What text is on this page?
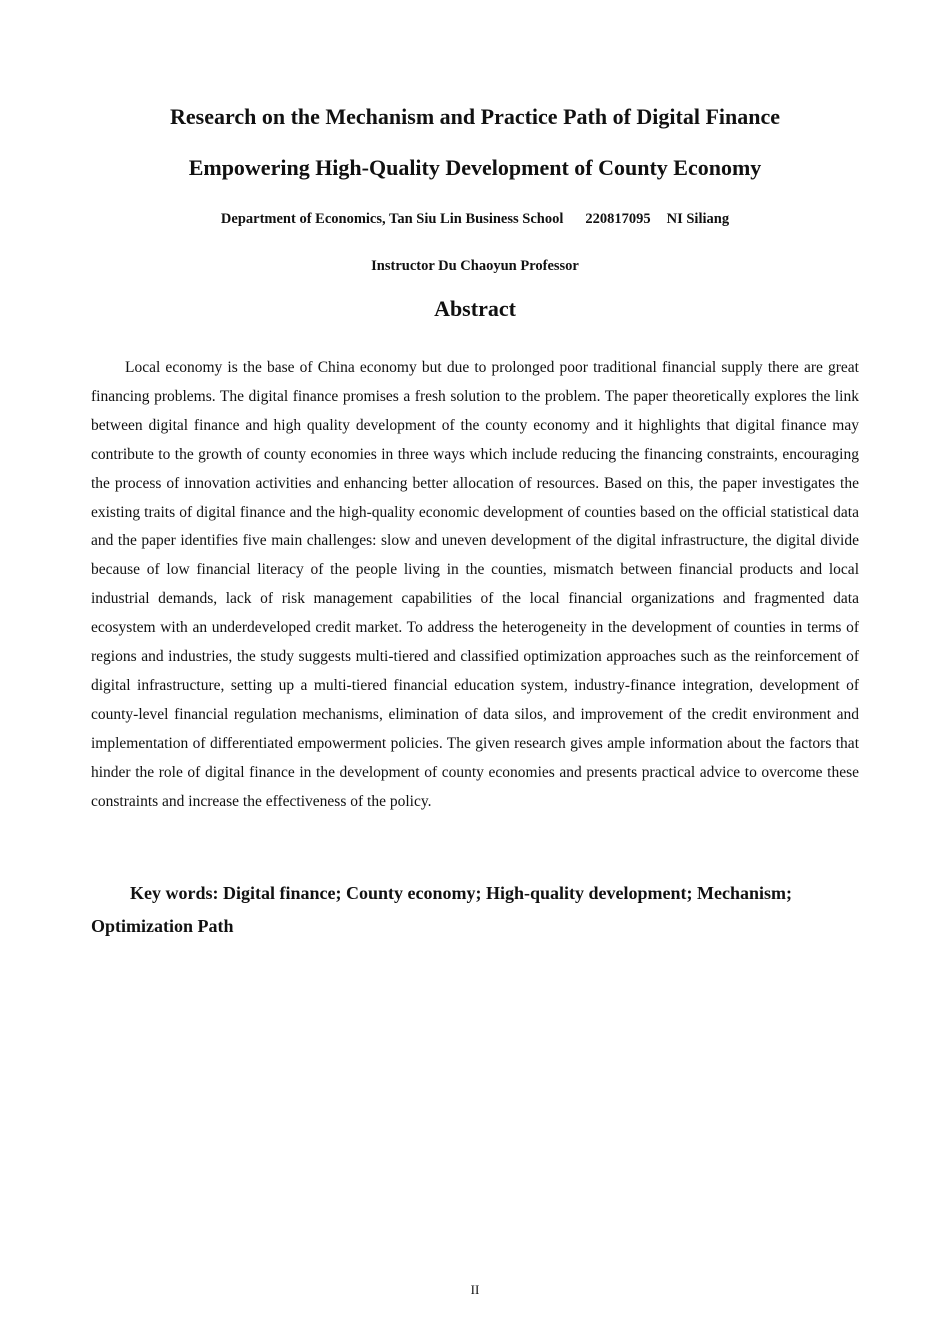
Research on the Mechanism and Practice Path of Digital Finance
Empowering High-Quality Development of County Economy

Department of Economics, Tan Siu Lin Business School 220817095 NI Siliang

Instructor Du Chaoyun Professor

Abstract

Local economy is the base of China economy but due to prolonged poor traditional financial supply there are great financing problems. The digital finance promises a fresh solution to the problem. The paper theoretically explores the link between digital finance and high quality development of the county economy and it highlights that digital finance may contribute to the growth of county economies in three ways which include reducing the financing constraints, encouraging the process of innovation activities and enhancing better allocation of resources. Based on this, the paper investigates the existing traits of digital finance and the high-quality economic development of counties based on the official statistical data and the paper identifies five main challenges: slow and uneven development of the digital infrastructure, the digital divide because of low financial literacy of the people living in the counties, mismatch between financial products and local industrial demands, lack of risk management capabilities of the local financial organizations and fragmented data ecosystem with an underdeveloped credit market. To address the heterogeneity in the development of counties in terms of regions and industries, the study suggests multi-tiered and classified optimization approaches such as the reinforcement of digital infrastructure, setting up a multi-tiered financial education system, industry-finance integration, development of county-level financial regulation mechanisms, elimination of data silos, and improvement of the credit environment and implementation of differentiated empowerment policies. The given research gives ample information about the factors that hinder the role of digital finance in the development of county economies and presents practical advice to overcome these constraints and increase the effectiveness of the policy.

Key words: Digital finance; County economy; High-quality development; Mechanism; Optimization Path

II
